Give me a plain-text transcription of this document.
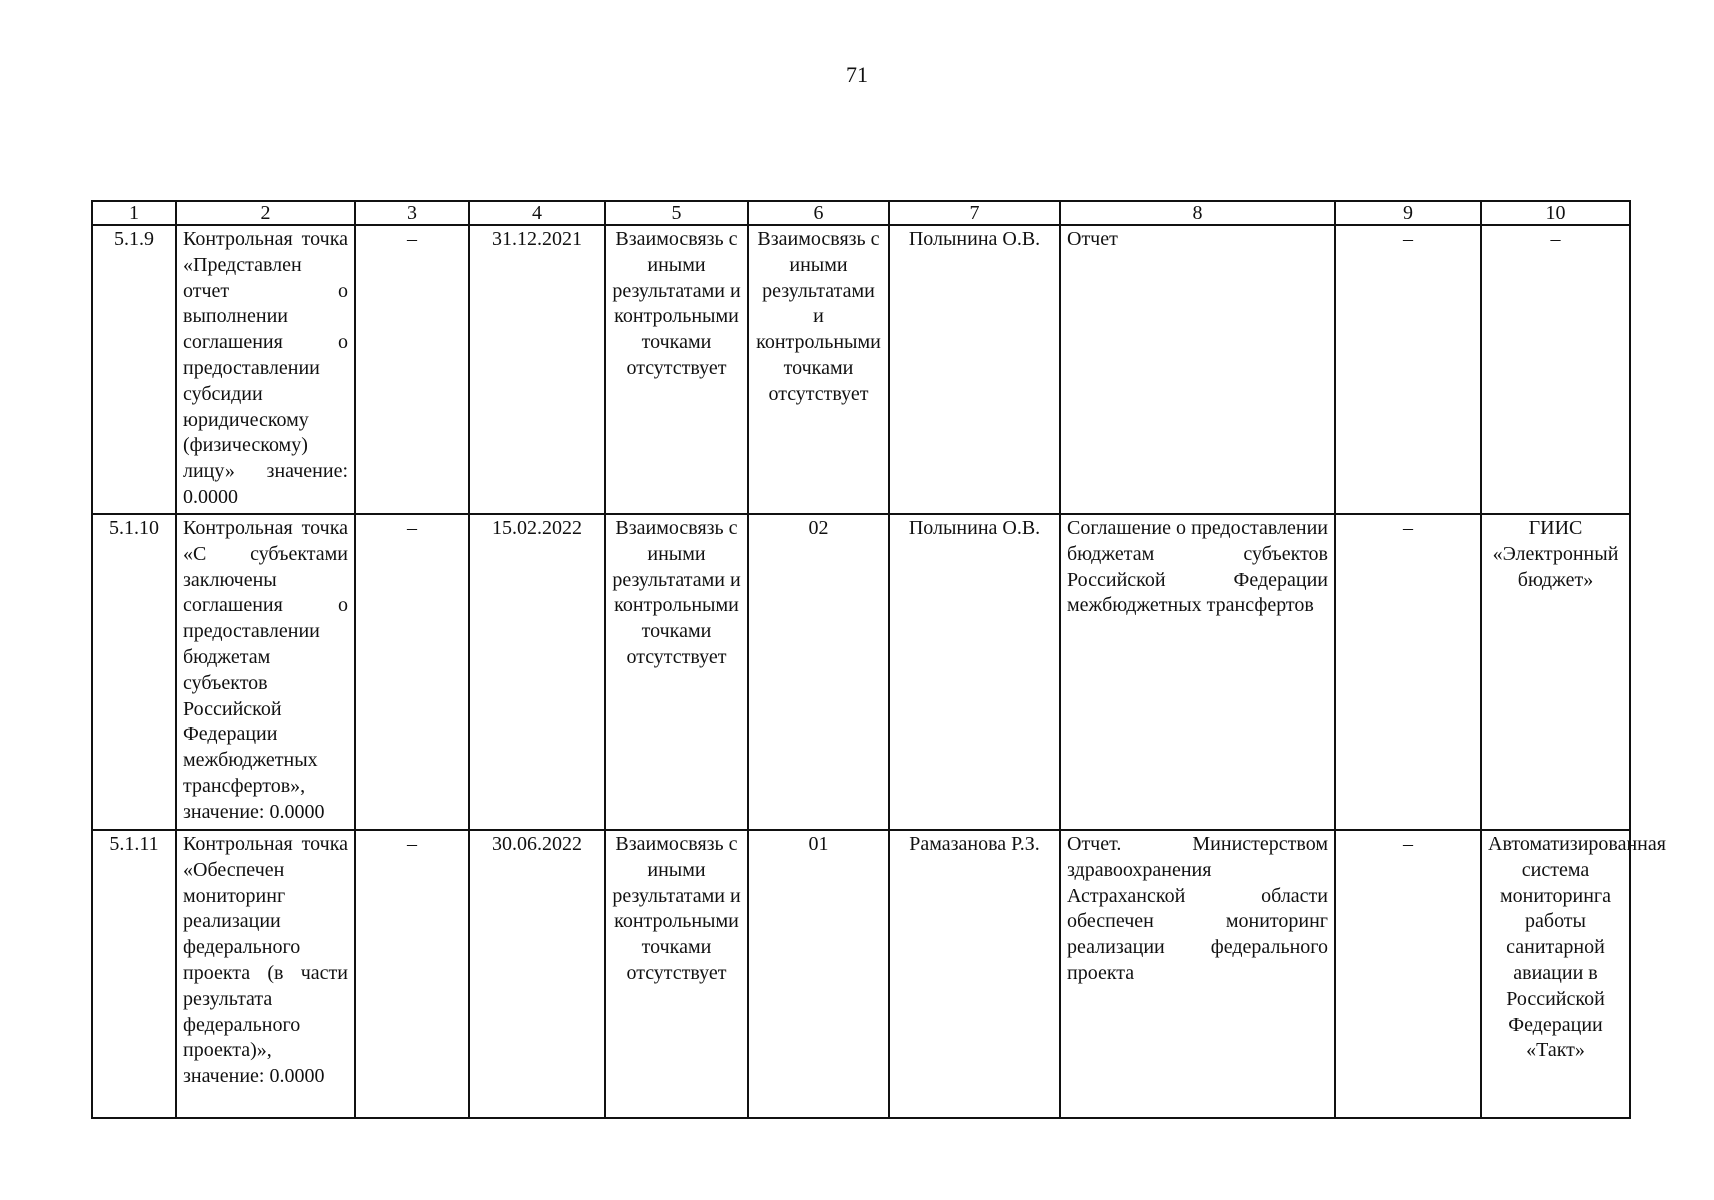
71
1	2	3	4	5	6	7	8	9	10
5.1.9	Контрольная точка «Представлен отчет о выполнении соглашения о предоставлении субсидии юридическому (физическому) лицу» значение: 0.0000	–	31.12.2021	Взаимосвязь с иными результатами и контрольными точками отсутствует	Взаимосвязь с иными результатами и контрольными точками отсутствует	Полынина О.В.	Отчет	–	–
5.1.10	Контрольная точка «С субъектами заключены соглашения о предоставлении бюджетам субъектов Российской Федерации межбюджетных трансфертов», значение: 0.0000	–	15.02.2022	Взаимосвязь с иными результатами и контрольными точками отсутствует	02	Полынина О.В.	Соглашение о предоставлении бюджетам субъектов Российской Федерации межбюджетных трансфертов	–	ГИИС «Электронный бюджет»
5.1.11	Контрольная точка «Обеспечен мониторинг реализации федерального проекта (в части результата федерального проекта)», значение: 0.0000	–	30.06.2022	Взаимосвязь с иными результатами и контрольными точками отсутствует	01	Рамазанова Р.З.	Отчет. Министерством здравоохранения Астраханской области обеспечен мониторинг реализации федерального проекта	–	Автоматизированная система мониторинга работы санитарной авиации в Российской Федерации «Такт»
